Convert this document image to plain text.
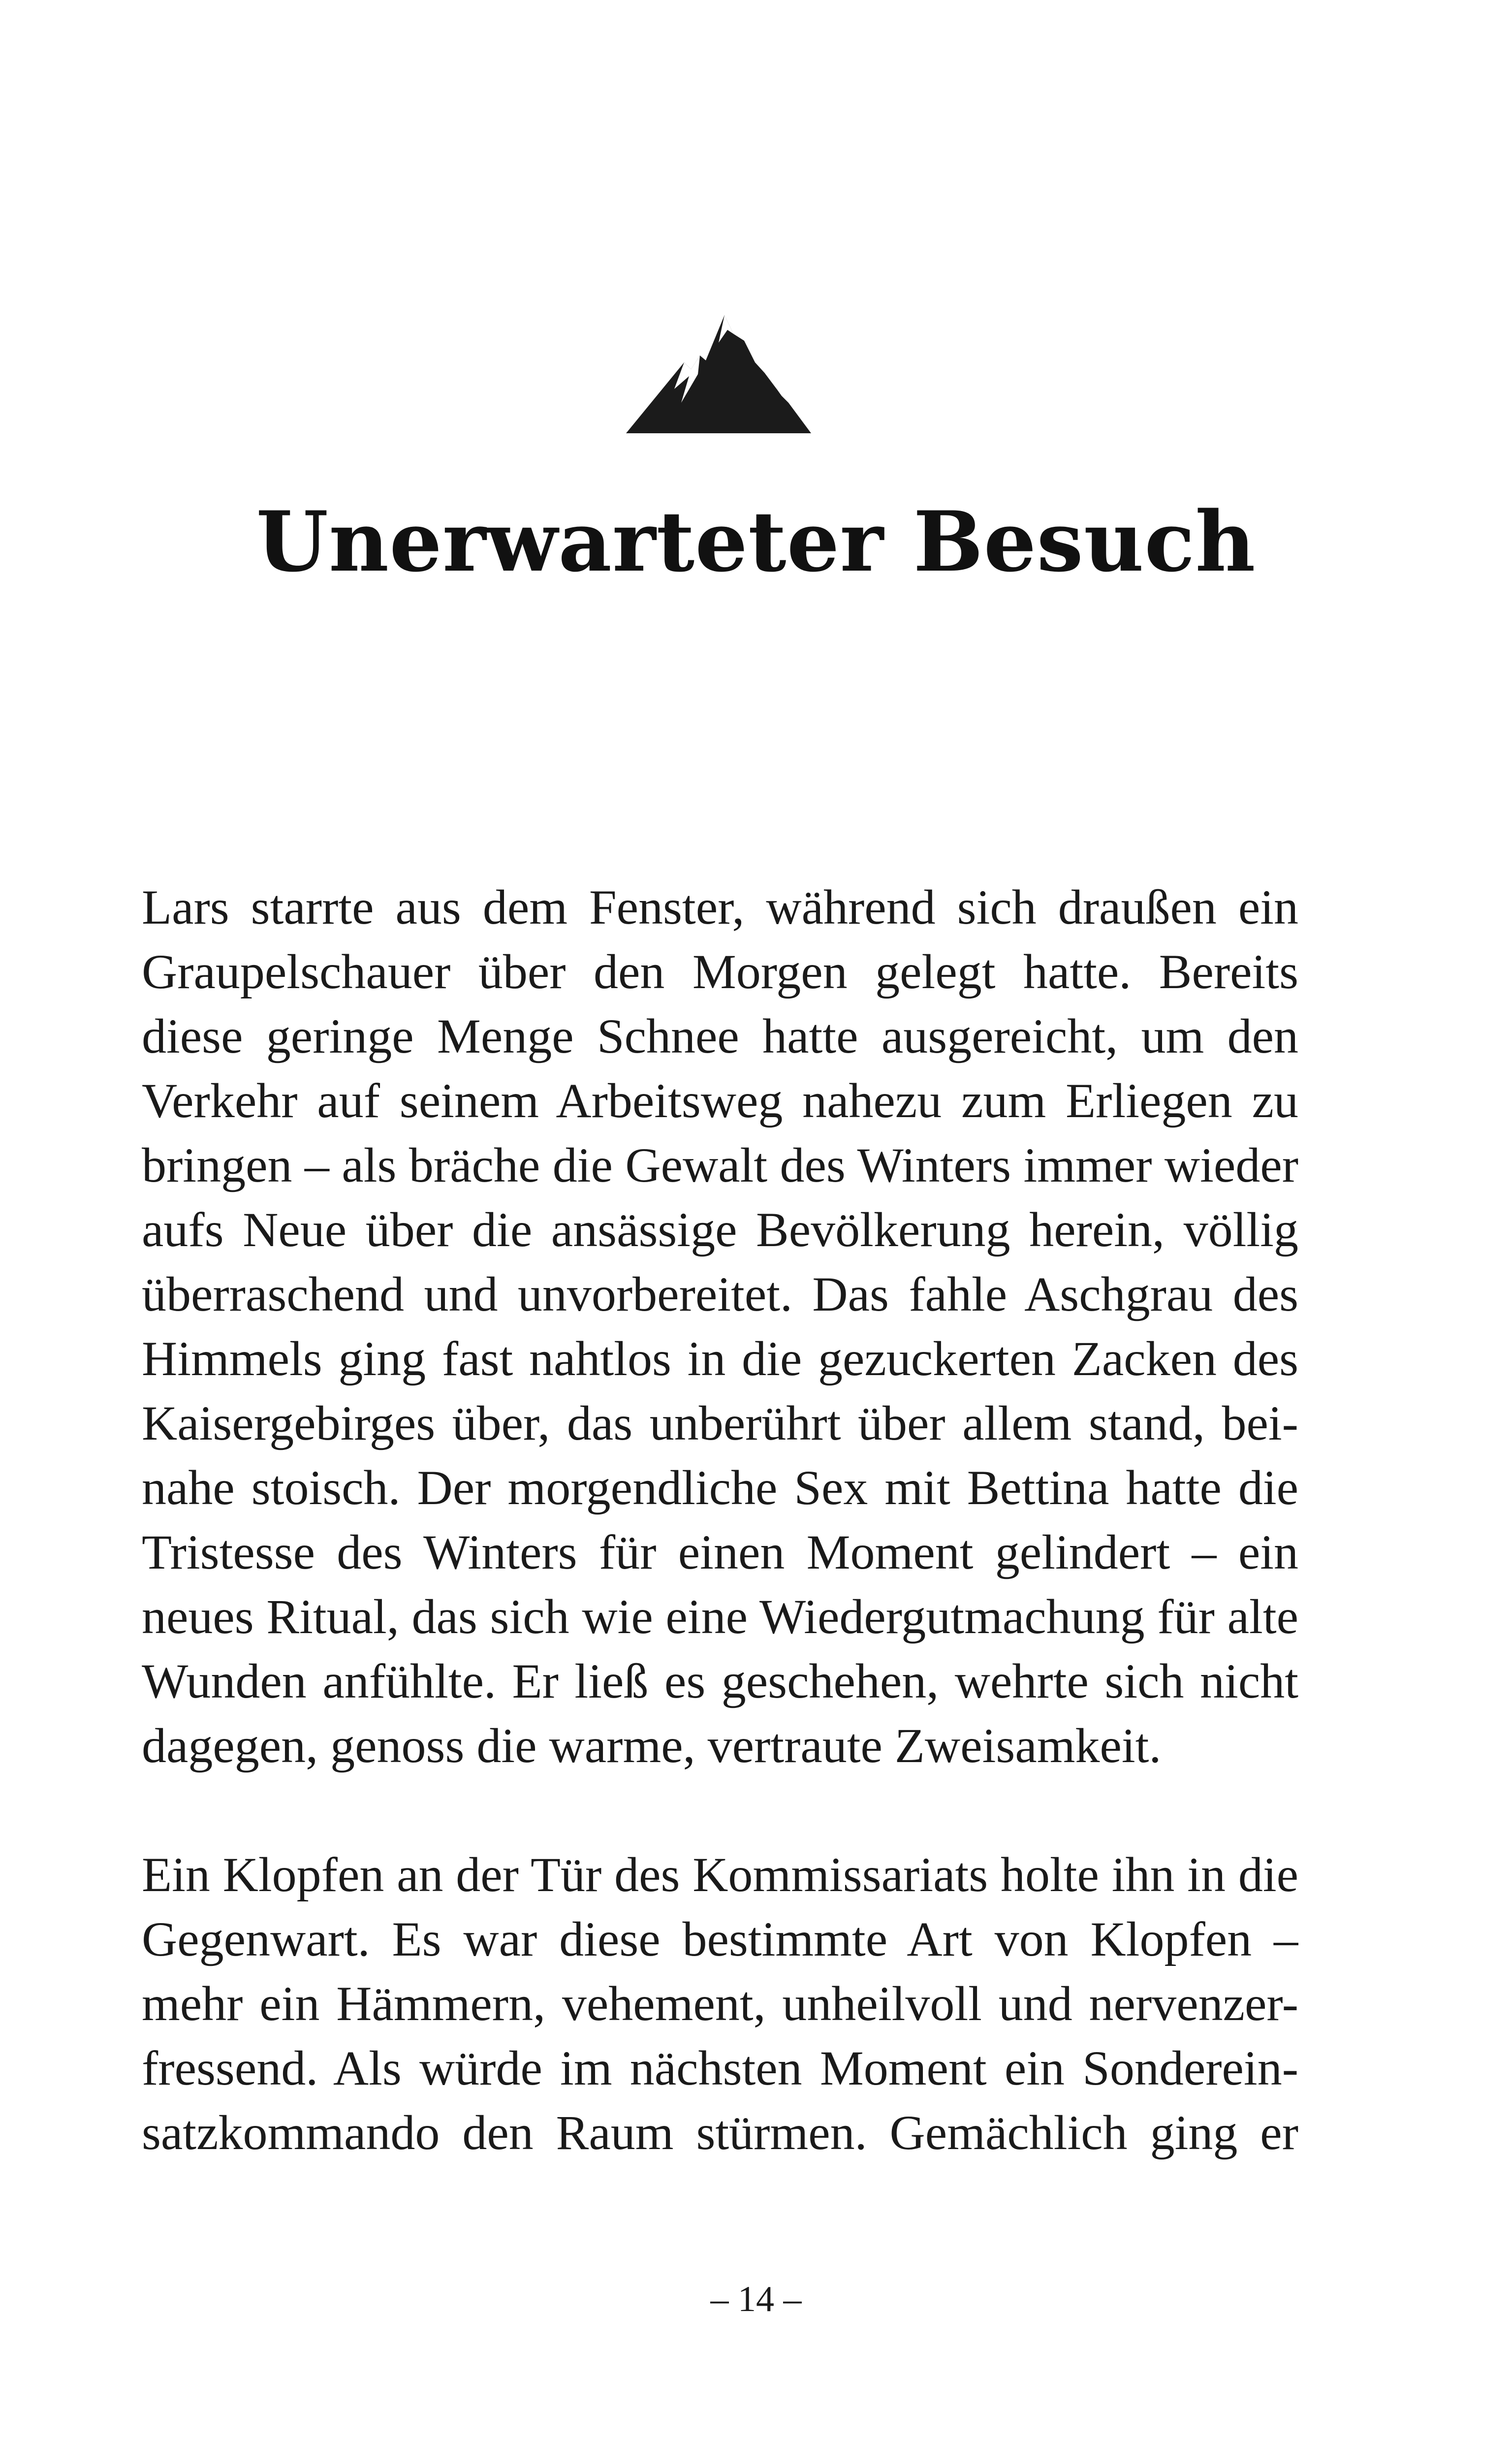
Unerwarteter Besuch
Lars starrte aus dem Fenster, während sich draußen ein
Graupelschauer über den Morgen gelegt hatte. Bereits
diese geringe Menge Schnee hatte ausgereicht, um den
Verkehr auf seinem Arbeitsweg nahezu zum Erliegen zu
bringen – als bräche die Gewalt des Winters immer wieder
aufs Neue über die ansässige Bevölkerung herein, völlig
überraschend und unvorbereitet. Das fahle Aschgrau des
Himmels ging fast nahtlos in die gezuckerten Zacken des
Kaisergebirges über, das unberührt über allem stand, bei-
nahe stoisch. Der morgendliche Sex mit Bettina hatte die
Tristesse des Winters für einen Moment gelindert – ein
neues Ritual, das sich wie eine Wiedergutmachung für alte
Wunden anfühlte. Er ließ es geschehen, wehrte sich nicht
dagegen, genoss die warme, vertraute Zweisamkeit.
Ein Klopfen an der Tür des Kommissariats holte ihn in die
Gegenwart. Es war diese bestimmte Art von Klopfen –
mehr ein Hämmern, vehement, unheilvoll und nervenzer-
fressend. Als würde im nächsten Moment ein Sonderein-
satzkommando den Raum stürmen. Gemächlich ging er
– 14 –
